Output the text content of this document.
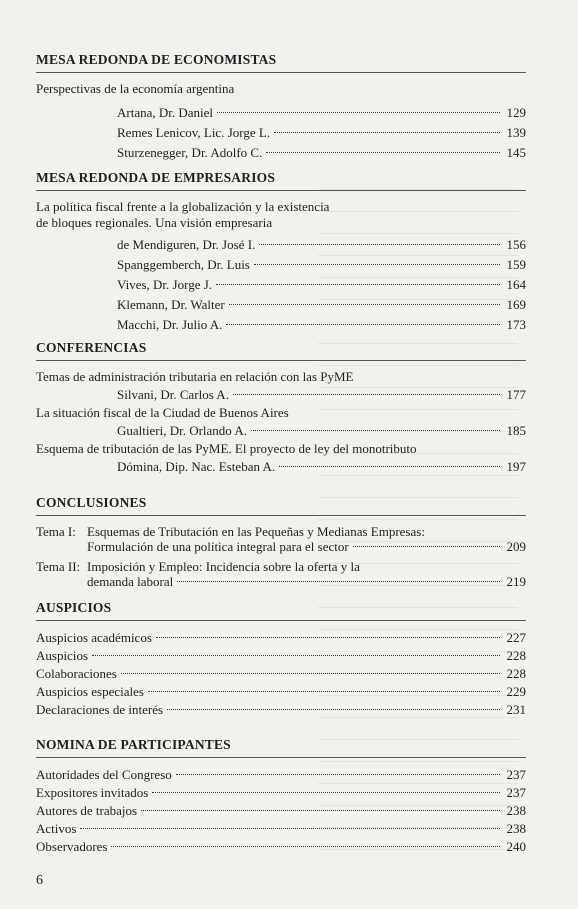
MESA REDONDA DE ECONOMISTAS
Perspectivas de la economía argentina
Artana, Dr. Daniel	129
Remes Lenicov, Lic. Jorge L.	139
Sturzenegger, Dr. Adolfo C.	145
MESA REDONDA DE EMPRESARIOS
La política fiscal frente a la globalización y la existencia
de bloques regionales. Una visión empresaria
de Mendiguren, Dr. José I.	156
Spanggemberch, Dr. Luis	159
Vives, Dr. Jorge J.	164
Klemann, Dr. Walter	169
Macchi, Dr. Julio A.	173
CONFERENCIAS
Temas de administración tributaria en relación con las PyME
Silvani, Dr. Carlos A.	177
La situación fiscal de la Ciudad de Buenos Aires
Gualtieri, Dr. Orlando A.	185
Esquema de tributación de las PyME. El proyecto de ley del monotributo
Dómina, Dip. Nac. Esteban A.	197
CONCLUSIONES
Tema I: Esquemas de Tributación en las Pequeñas y Medianas Empresas:
Formulación de una política integral para el sector	209
Tema II: Imposición y Empleo: Incidencia sobre la oferta y la
demanda laboral	219
AUSPICIOS
Auspicios académicos	227
Auspicios	228
Colaboraciones	228
Auspicios especiales	229
Declaraciones de interés	231
NOMINA DE PARTICIPANTES
Autoridades del Congreso	237
Expositores invitados	237
Autores de trabajos	238
Activos	238
Observadores	240
6
